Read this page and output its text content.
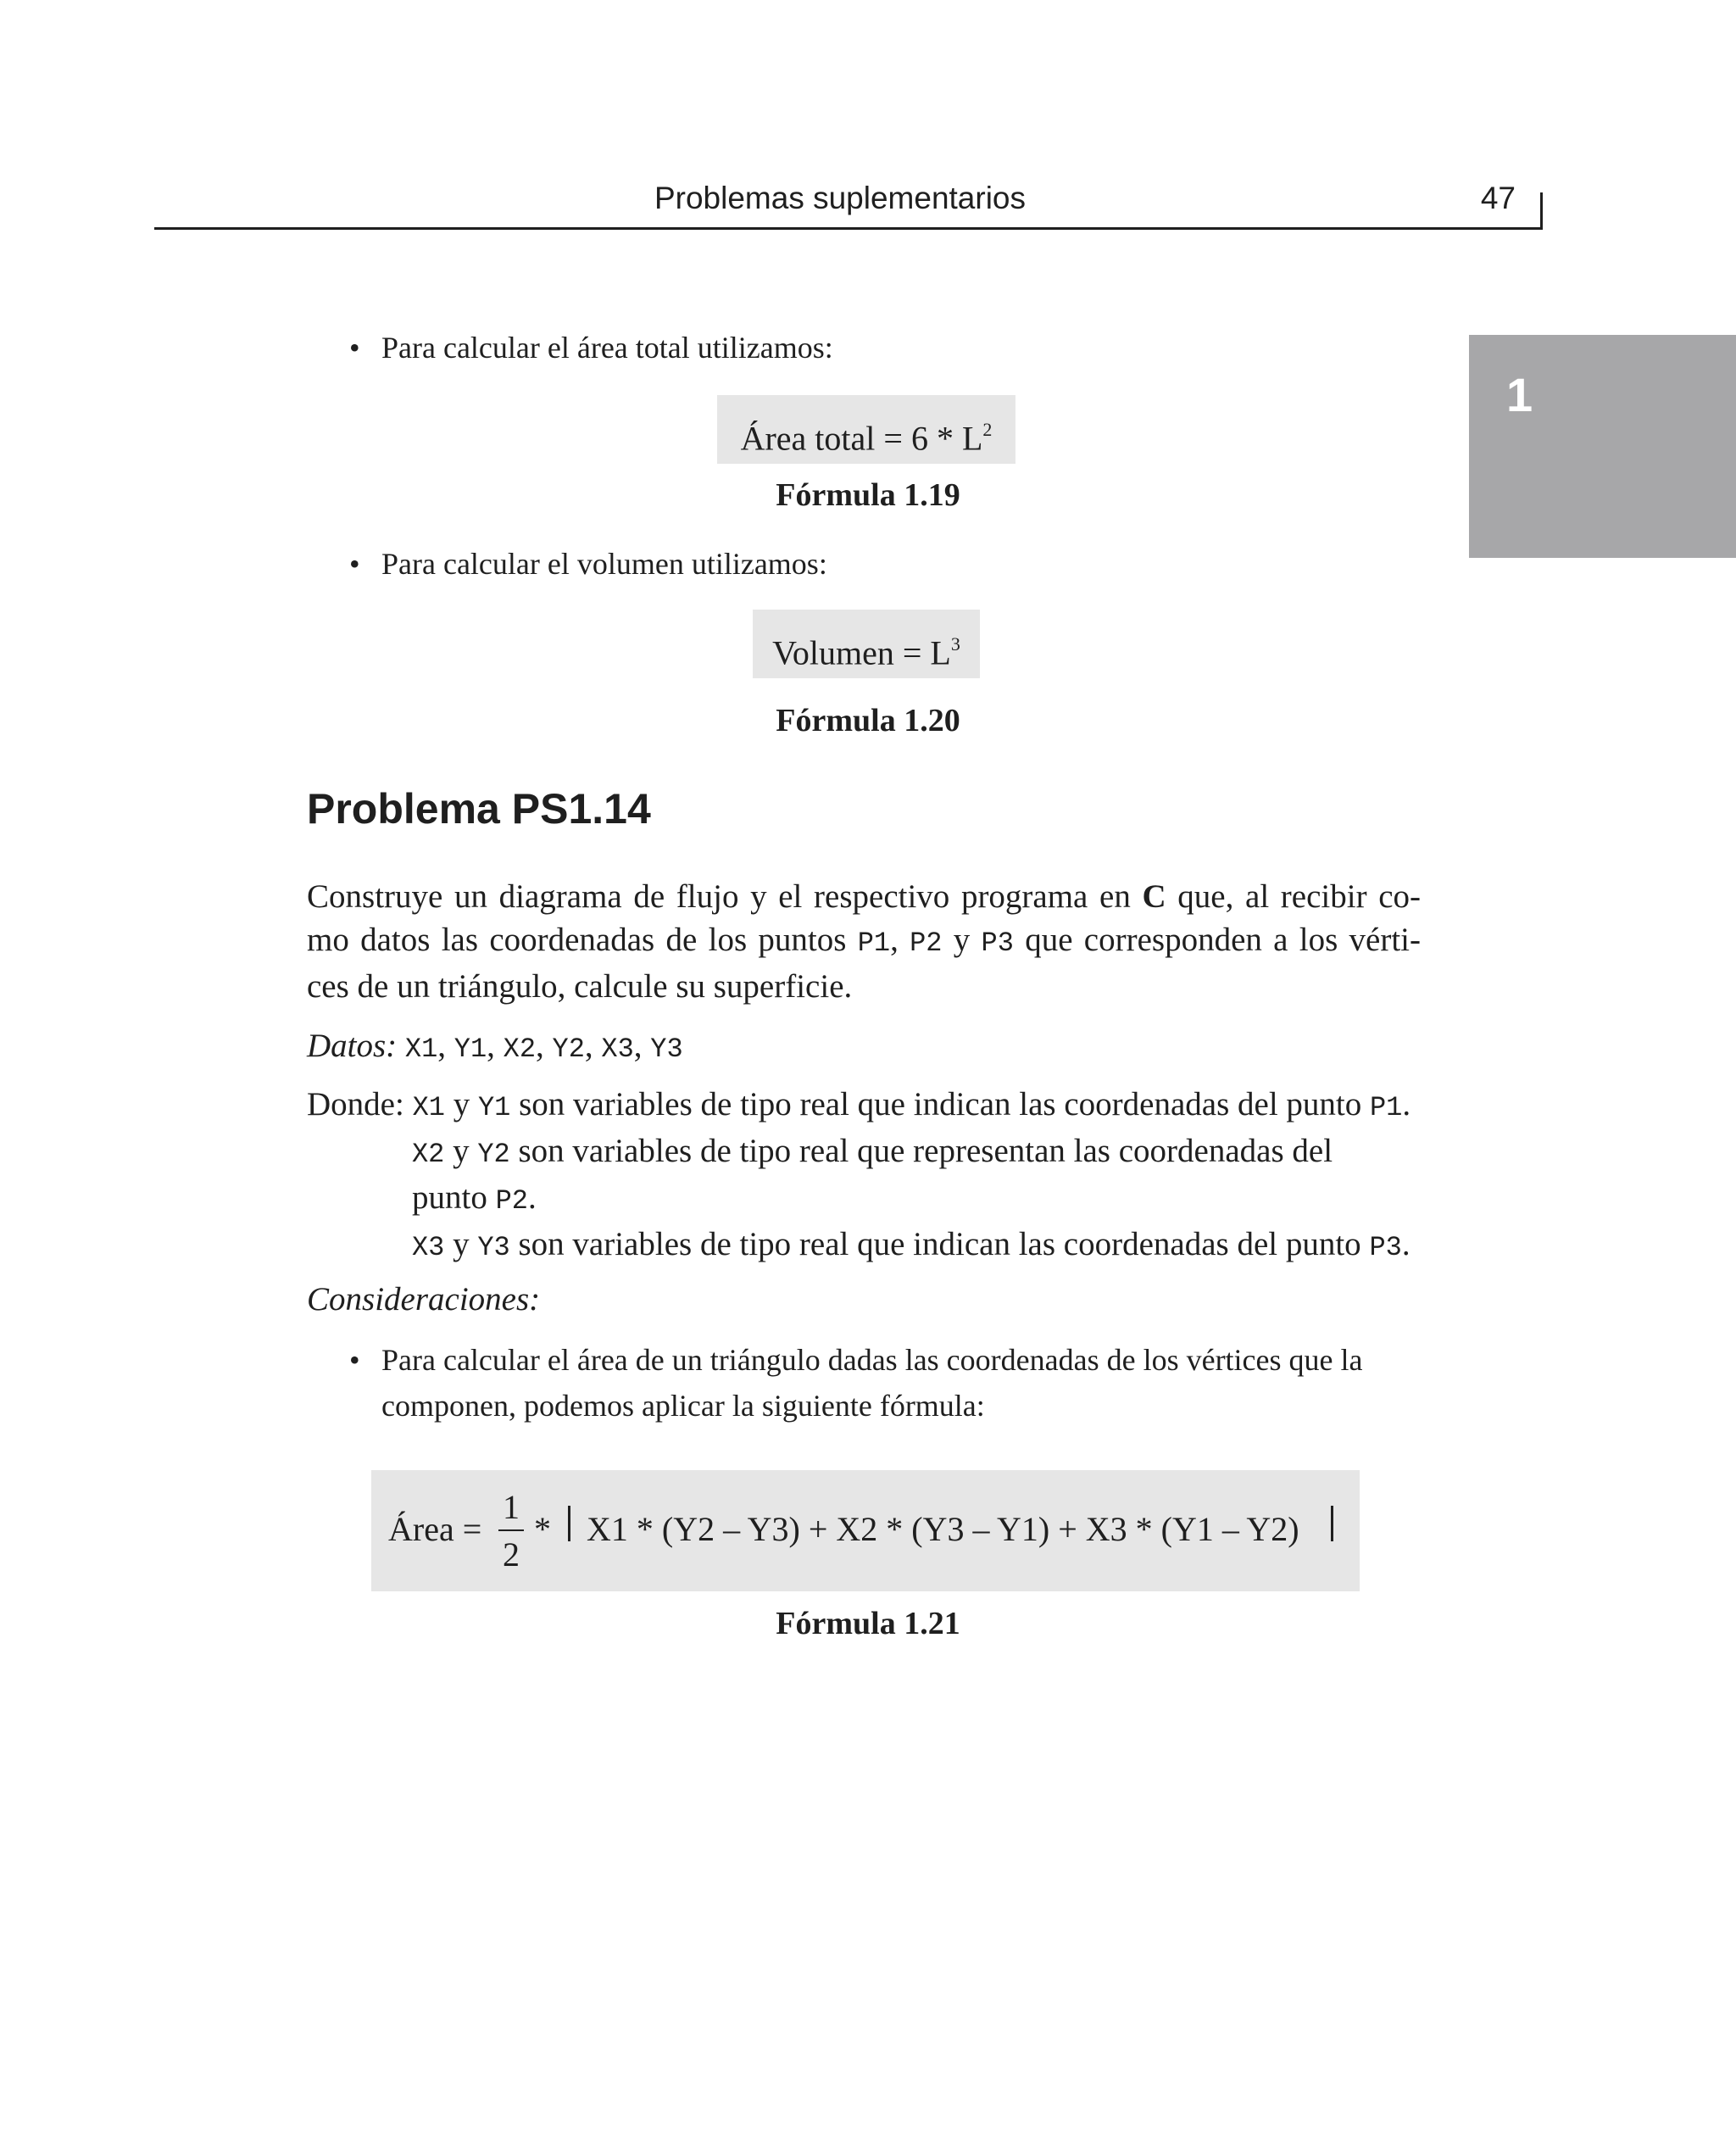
Problemas suplementarios	47
1
• Para calcular el área total utilizamos:
Área total = $6 * L^2$
Fórmula 1.19
• Para calcular el volumen utilizamos:
Volumen = $L^3$
Fórmula 1.20
Problema PS1.14
Construye un diagrama de flujo y el respectivo programa en C que, al recibir co-
mo datos las coordenadas de los puntos P1, P2 y P3 que corresponden a los vérti-
ces de un triángulo, calcule su superficie.
Datos: X1, Y1, X2, Y2, X3, Y3
Donde: X1 y Y1 son variables de tipo real que indican las coordenadas del punto P1.
X2 y Y2 son variables de tipo real que representan las coordenadas del
punto P2.
X3 y Y3 son variables de tipo real que indican las coordenadas del punto P3.
Consideraciones:
• Para calcular el área de un triángulo dadas las coordenadas de los vértices que la
componen, podemos aplicar la siguiente fórmula:
Área =
1
2
* X1 * (Y2 – Y3) + X2 * (Y3 – Y1) + X3 * (Y1 – Y2)
Fórmula 1.21
